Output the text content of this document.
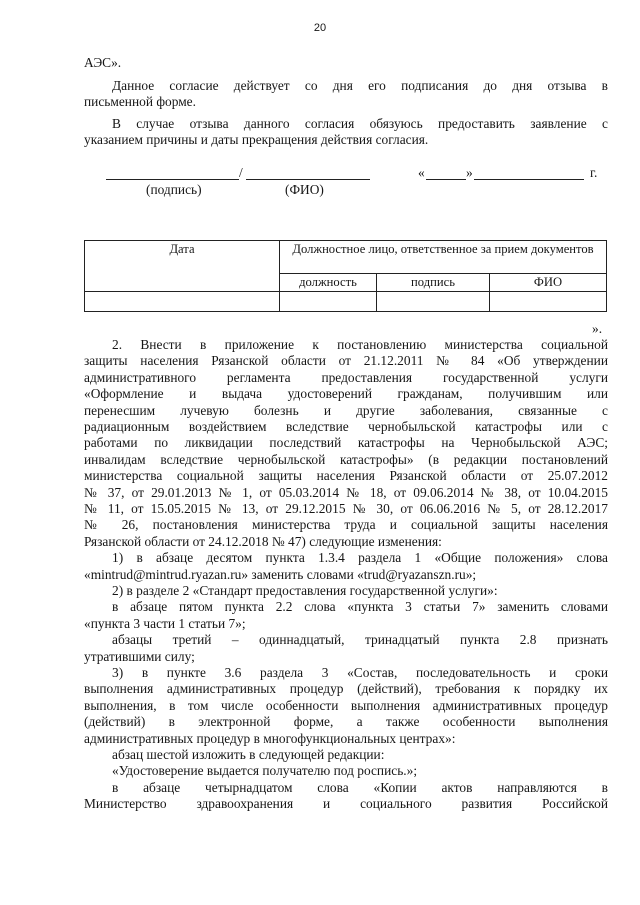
20
АЭС».
Данное согласие действует со дня его подписания до дня отзыва в
письменной форме.
В случае отзыва данного согласия обязуюсь предоставить заявление с
указанием причины и даты прекращения действия согласия.
/	«	»	г.
(подпись)	(ФИО)
Дата	Должностное лицо, ответственное за прием документов		
	должность	подпись	ФИО

».
2. Внести в приложение к постановлению министерства социальной
защиты населения Рязанской области от 21.12.2011 № 84 «Об утверждении
административного регламента предоставления государственной услуги
«Оформление и выдача удостоверений гражданам, получившим или
перенесшим лучевую болезнь и другие заболевания, связанные с
радиационным воздействием вследствие чернобыльской катастрофы или с
работами по ликвидации последствий катастрофы на Чернобыльской АЭС;
инвалидам вследствие чернобыльской катастрофы» (в редакции постановлений
министерства социальной защиты населения Рязанской области от 25.07.2012
№ 37, от 29.01.2013 № 1, от 05.03.2014 № 18, от 09.06.2014 № 38, от 10.04.2015
№ 11, от 15.05.2015 № 13, от 29.12.2015 № 30, от 06.06.2016 № 5, от 28.12.2017
№ 26, постановления министерства труда и социальной защиты населения
Рязанской области от 24.12.2018 № 47) следующие изменения:
1) в абзаце десятом пункта 1.3.4 раздела 1 «Общие положения» слова
«mintrud@mintrud.ryazan.ru» заменить словами «trud@ryazanszn.ru»;
2) в разделе 2 «Стандарт предоставления государственной услуги»:
в абзаце пятом пункта 2.2 слова «пункта 3 статьи 7» заменить словами
«пункта 3 части 1 статьи 7»;
абзацы третий – одиннадцатый, тринадцатый пункта 2.8 признать
утратившими силу;
3) в пункте 3.6 раздела 3 «Состав, последовательность и сроки
выполнения административных процедур (действий), требования к порядку их
выполнения, в том числе особенности выполнения административных процедур
(действий) в электронной форме, а также особенности выполнения
административных процедур в многофункциональных центрах»:
абзац шестой изложить в следующей редакции:
«Удостоверение выдается получателю под роспись.»;
в абзаце четырнадцатом слова «Копии актов направляются в
Министерство здравоохранения и социального развития Российской
